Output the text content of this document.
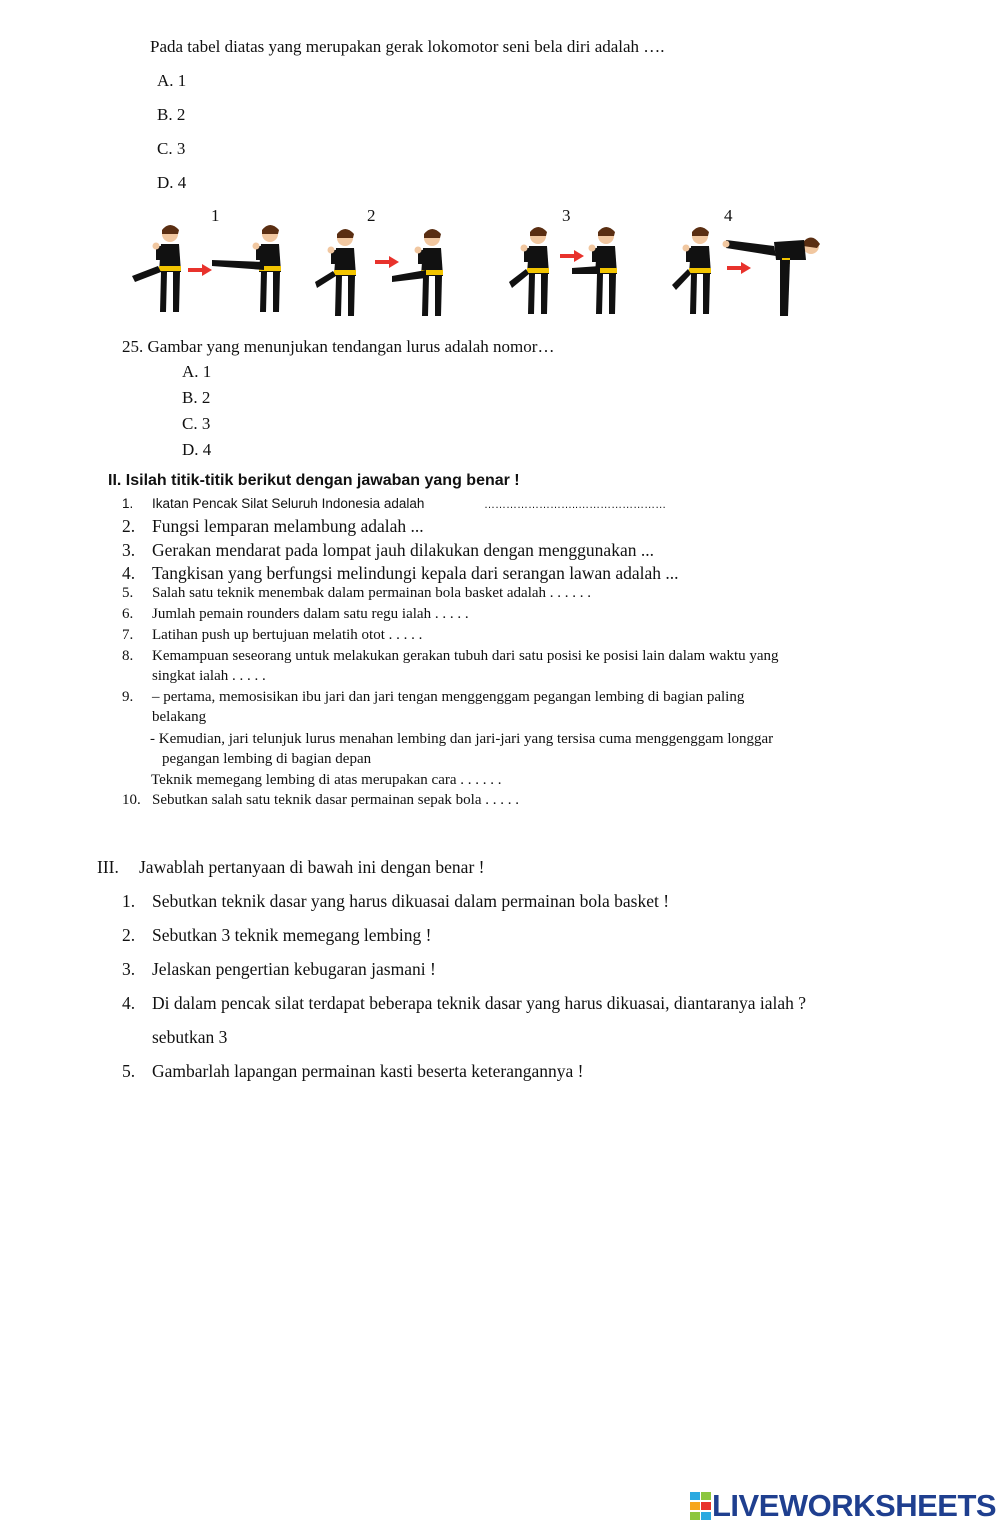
Pada tabel diatas yang merupakan gerak lokomotor seni bela diri adalah ….
A. 1
B. 2
C. 3
D. 4
1	2	3	4
25. Gambar yang menunjukan tendangan lurus adalah nomor…
A. 1
B. 2
C. 3
D. 4
II. Isilah titik-titik berikut dengan jawaban yang benar !
1. Ikatan Pencak Silat Seluruh Indonesia adalah	……………………..……………………
2. Fungsi lemparan melambung adalah ...
3. Gerakan mendarat pada lompat jauh dilakukan dengan menggunakan ...
4. Tangkisan yang berfungsi melindungi kepala dari serangan lawan adalah ...
5. Salah satu teknik menembak dalam permainan bola basket adalah . . . . . .
6. Jumlah pemain rounders dalam satu regu ialah . . . . .
7. Latihan push up bertujuan melatih otot . . . . .
8. Kemampuan seseorang untuk melakukan gerakan tubuh dari satu posisi ke posisi lain dalam waktu yang
singkat ialah . . . . .
9. – pertama, memosisikan ibu jari dan jari tengan menggenggam pegangan lembing di bagian paling
belakang
- Kemudian, jari telunjuk lurus menahan lembing dan jari-jari yang tersisa cuma menggenggam longgar
pegangan lembing di bagian depan
Teknik memegang lembing di atas merupakan cara . . . . . .
10. Sebutkan salah satu teknik dasar permainan sepak bola . . . . .
III. Jawablah pertanyaan di bawah ini dengan benar !
1. Sebutkan teknik dasar yang harus dikuasai dalam permainan bola basket !
2. Sebutkan 3 teknik memegang lembing !
3. Jelaskan pengertian kebugaran jasmani !
4. Di dalam pencak silat terdapat beberapa teknik dasar yang harus dikuasai, diantaranya ialah ?
sebutkan 3
5. Gambarlah lapangan permainan kasti beserta keterangannya !
LIVEWORKSHEETS
